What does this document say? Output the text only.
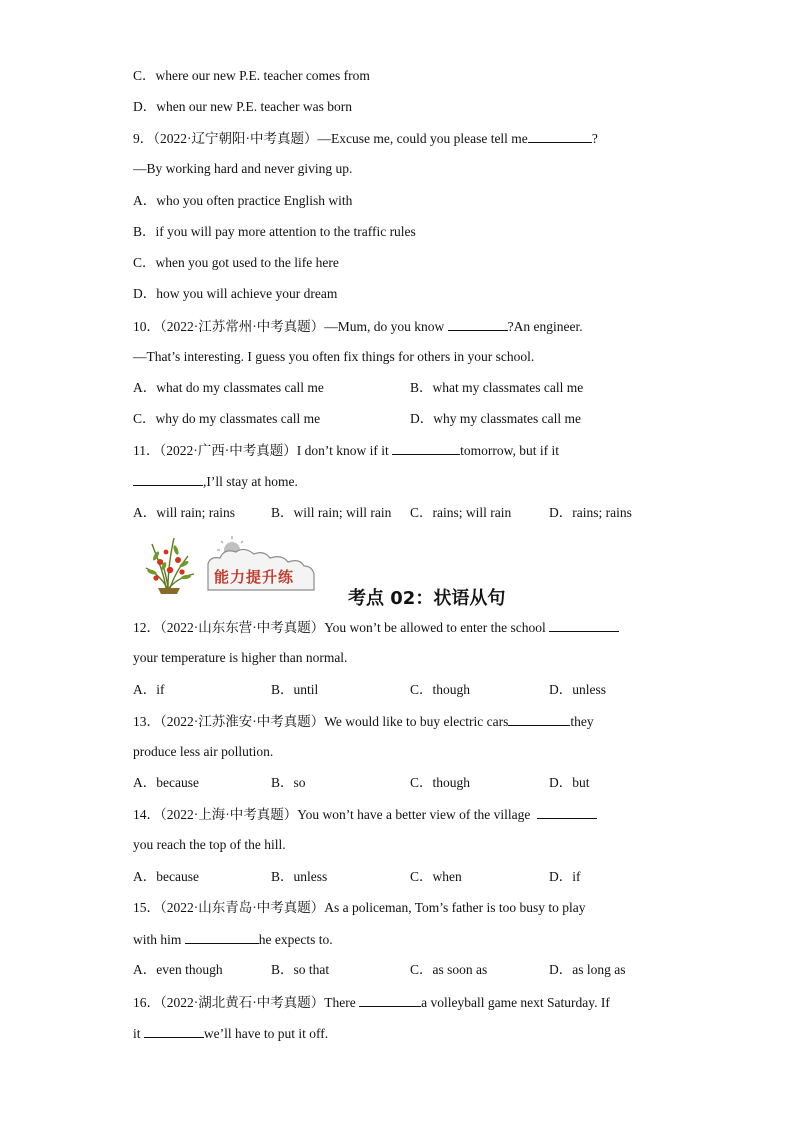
C．where our new P.E. teacher comes from
D．when our new P.E. teacher was born
9．（2022·辽宁朝阳·中考真题）—Excuse me, could you please tell me	?
—By working hard and never giving up.
A．who you often practice English with
B．if you will pay more attention to the traffic rules
C．when you got used to the life here
D．how you will achieve your dream
10．（2022·江苏常州·中考真题）—Mum, do you know	?An engineer.
—That’s interesting. I guess you often fix things for others in your school.
A．what do my classmates call me	B．what my classmates call me
C．why do my classmates call me	D．why my classmates call me
11．（2022·广西·中考真题）I don’t know if it	tomorrow, but if it
,I’ll stay at home.
A．will rain; rains	B．will rain; will rain C．rains; will rain	D．rains; rains
能力提升练
考点 02：状语从句
12．（2022·山东东营·中考真题）You won’t be allowed to enter the school
your temperature is higher than normal.
A．if	B．until	C．though	D．unless
13．（2022·江苏淮安·中考真题）We would like to buy electric cars	they
produce less air pollution.
A．because	B．so	C．though	D．but
14．（2022·上海·中考真题）You won’t have a better view of the village
you reach the top of the hill.
A．because	B．unless	C．when	D．if
15．（2022·山东青岛·中考真题）As a policeman, Tom’s father is too busy to play
with him	he expects to.
A．even though	B．so that	C．as soon as	D．as long as
16．（2022·湖北黄石·中考真题）There	a volleyball game next Saturday. If
it	we’ll have to put it off.
